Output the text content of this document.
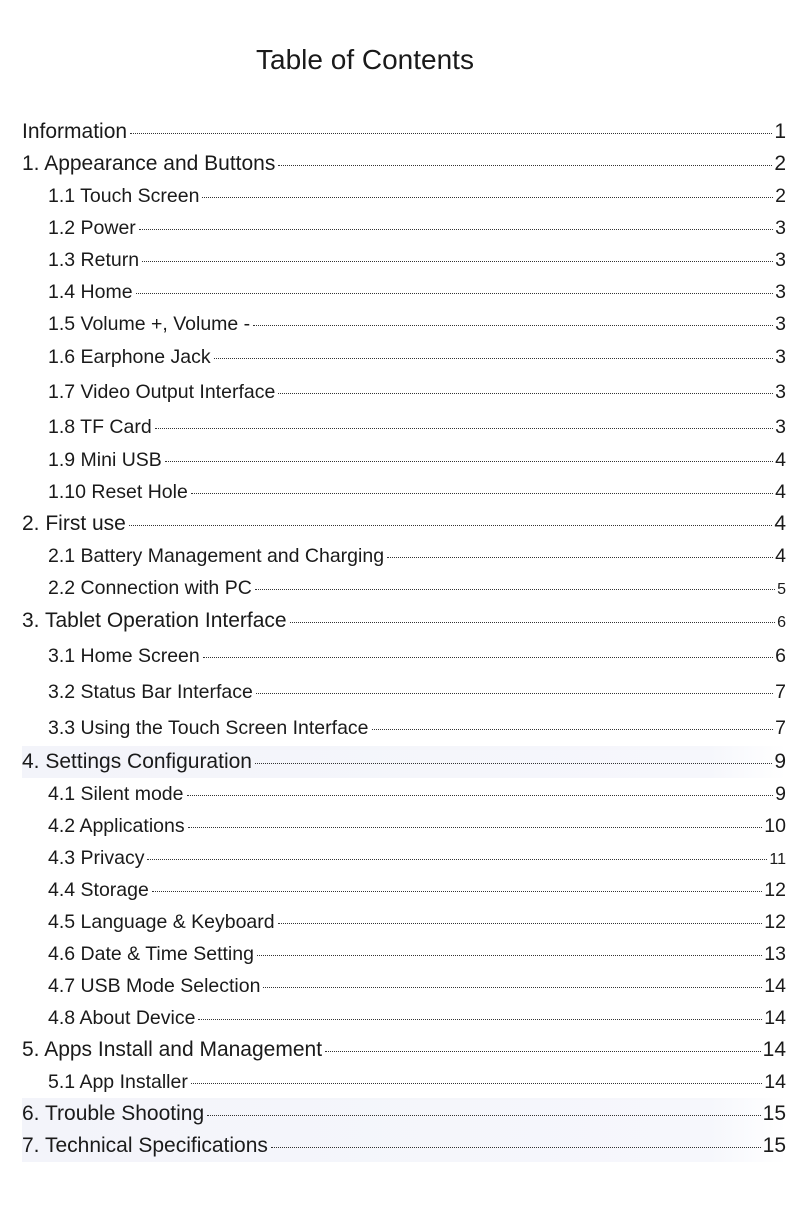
Table of Contents
Information	1
1. Appearance and Buttons	2
1.1 Touch Screen	2
1.2 Power	3
1.3 Return	3
1.4 Home	3
1.5 Volume +, Volume -	3
1.6 Earphone Jack	3
1.7 Video Output Interface	3
1.8 TF Card	3
1.9 Mini USB	4
1.10 Reset Hole	4
2. First use	4
2.1 Battery Management and Charging	4
2.2 Connection with PC	5
3. Tablet Operation Interface	6
3.1 Home Screen	6
3.2 Status Bar Interface	7
3.3 Using the Touch Screen Interface	7
4. Settings Configuration	9
4.1 Silent mode	9
4.2 Applications	10
4.3 Privacy	11
4.4 Storage	12
4.5 Language & Keyboard	12
4.6 Date & Time Setting	13
4.7 USB Mode Selection	14
4.8 About Device	14
5. Apps Install and Management	14
5.1 App Installer	14
6. Trouble Shooting	15
7. Technical Specifications	15
